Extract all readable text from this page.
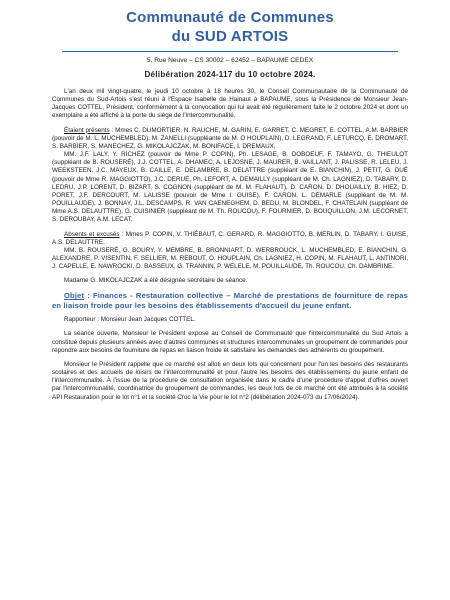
Communauté de Communes
du SUD ARTOIS
5, Rue Neuve – CS 30002 – 62452 – BAPAUME CEDEX
Délibération 2024-117 du 10 octobre 2024.

L'an deux mil vingt-quatre, le jeudi 10 octobre à 18 heures 30, le Conseil Communautaire de la Communauté de Communes du Sud-Artois s'est réuni à l'Espace Isabelle de Hainaut à BAPAUME, sous la Présidence de Monsieur Jean-Jacques COTTEL, Président, conformément à la convocation qui lui avait été régulièrement faite le 2 octobre 2024 et dont un exemplaire a été affiché à la porte du siège de l'Intercommunalité.

Étaient présents : Mmes C. DUMORTIER, N. RAUCHE, M. GARIN, E. GARRET, C. MEGRET, E. COTTEL, A.M. BARBIER (pouvoir de M. L. MUCHEMBLED), M. ZANELLI (suppléante de M. O HOUPLAIN), D. LEGRAND, F. LETURCQ, E. DROMART, S. BARBIER, S. MANECHEZ, G. MIKOLAJCZAK, M. BONIFACE, I. DREMAUX,

MM. J.F. LALY, Y. RICHEZ (pouvoir de Mme P. COPIN), Ph. LESAGE, B. DOBOEUF, F. TAMAYO, G. THIEULOT (suppléant de B. ROUSERÉ), J.J. COTTEL, A. DHAMEC, A. LEJOSNE, J. MAURER, B. VAILLANT, J. PALISSE, R. LELEU, J. WEEKSTEEN, J.C. MAYEUX, B. CAILLE, E. DELAMBRE, B. DELATTRE (suppléant de E. BIANCHIN), J. PETIT, G. DUÉ (pouvoir de Mme R. MAGGIOTTO), J.C. DERUE, Ph. LEFORT, A. DEMAILLY (suppléant de M. Ch. LAGNIEZ), D. TABARY, D. LEDRU, J.P. LORENT, D. BIZART, S. COGNON (suppléant de M. M. FLAHAUT), D. CARON, D. DHOUAILLY, B. HIEZ, D. PORET, J.F. DERCOURT, M. LALISSE (pouvoir de Mme I. GUISE), F. CARON, L. DEMARLE (suppléant de M. M. POUILLAUDE), J. BONNAY, J.L. DESCAMPS, R. VAN CAENEGHEM, D. BEDU, M. BLONDEL, F. CHATELAIN (suppléant de Mme A.S. DELAUTTRE), G. CUISINIER (suppléant de M. Th. ROUCOU), F. FOURNIER, D. BOUQUILLON, J.M. LECORNET, S. DEROUBAY, A.M. LECAT.

Absents et excusés : Mmes P. COPIN, V. THIÉBAUT, C. GERARD, R. MAGGIOTTO, B. MERLIN, D. TABARY, I. GUISE, A.S. DELAUTTRE,

MM. B. ROUSERÉ, G. BOURY, Y. MEMBRE, B. BRONNIART, D. WERBROUCK, L. MUCHEMBLED, E. BIANCHIN, G. ALEXANDRE, P. VISENTIN, F. SELLIER, M. REBOUT, O. HOUPLAIN, Ch. LAGNIEZ, H. COPIN, M. FLAHAUT, L. ANTINORI, J. CAPELLE, E. NAWROCKI, D. BASSEUX, G. TRANNIN, P. WELELE, M. POUILLAUDE, Th. ROUCOU, Ch. DAMBRINE.

Madame G. MIKOLAJCZAK a été désignée secrétaire de séance.

Objet : Finances - Restauration collective – Marché de prestations de fourniture de repas en liaison froide pour les besoins des établissements d'accueil du jeune enfant.

Rapporteur : Monsieur Jean Jacques COTTEL.

La séance ouverte, Monsieur le Président expose au Conseil de Communauté que l'intercommunalité du Sud Artois a constitué depuis plusieurs années avec d'autres communes et structures intercommunales un groupement de commandes pour répondre aux besoins de fourniture de repas en liaison froide et satisfaire les demandes des adhérents du groupement.

Monsieur le Président rappelle que ce marché est alloti en deux lots qui concernent pour l'un les besoins des restaurants scolaires et des accueils de loisirs de l'intercommunalité et pour l'autre les besoins des établissements du jeune enfant de l'intercommunalité. À l'issue de la procédure de consultation organisée dans le cadre d'une procédure d'appel d'offres ouvert par l'intercommunalité, coordinatrice du groupement de commandes, les deux lots de ce marché ont été attribués à la société API Restauration pour le lot n°1 et la société Croc la Vie pour le lot n°2 (délibération 2024-073 du 17/06/2024).
